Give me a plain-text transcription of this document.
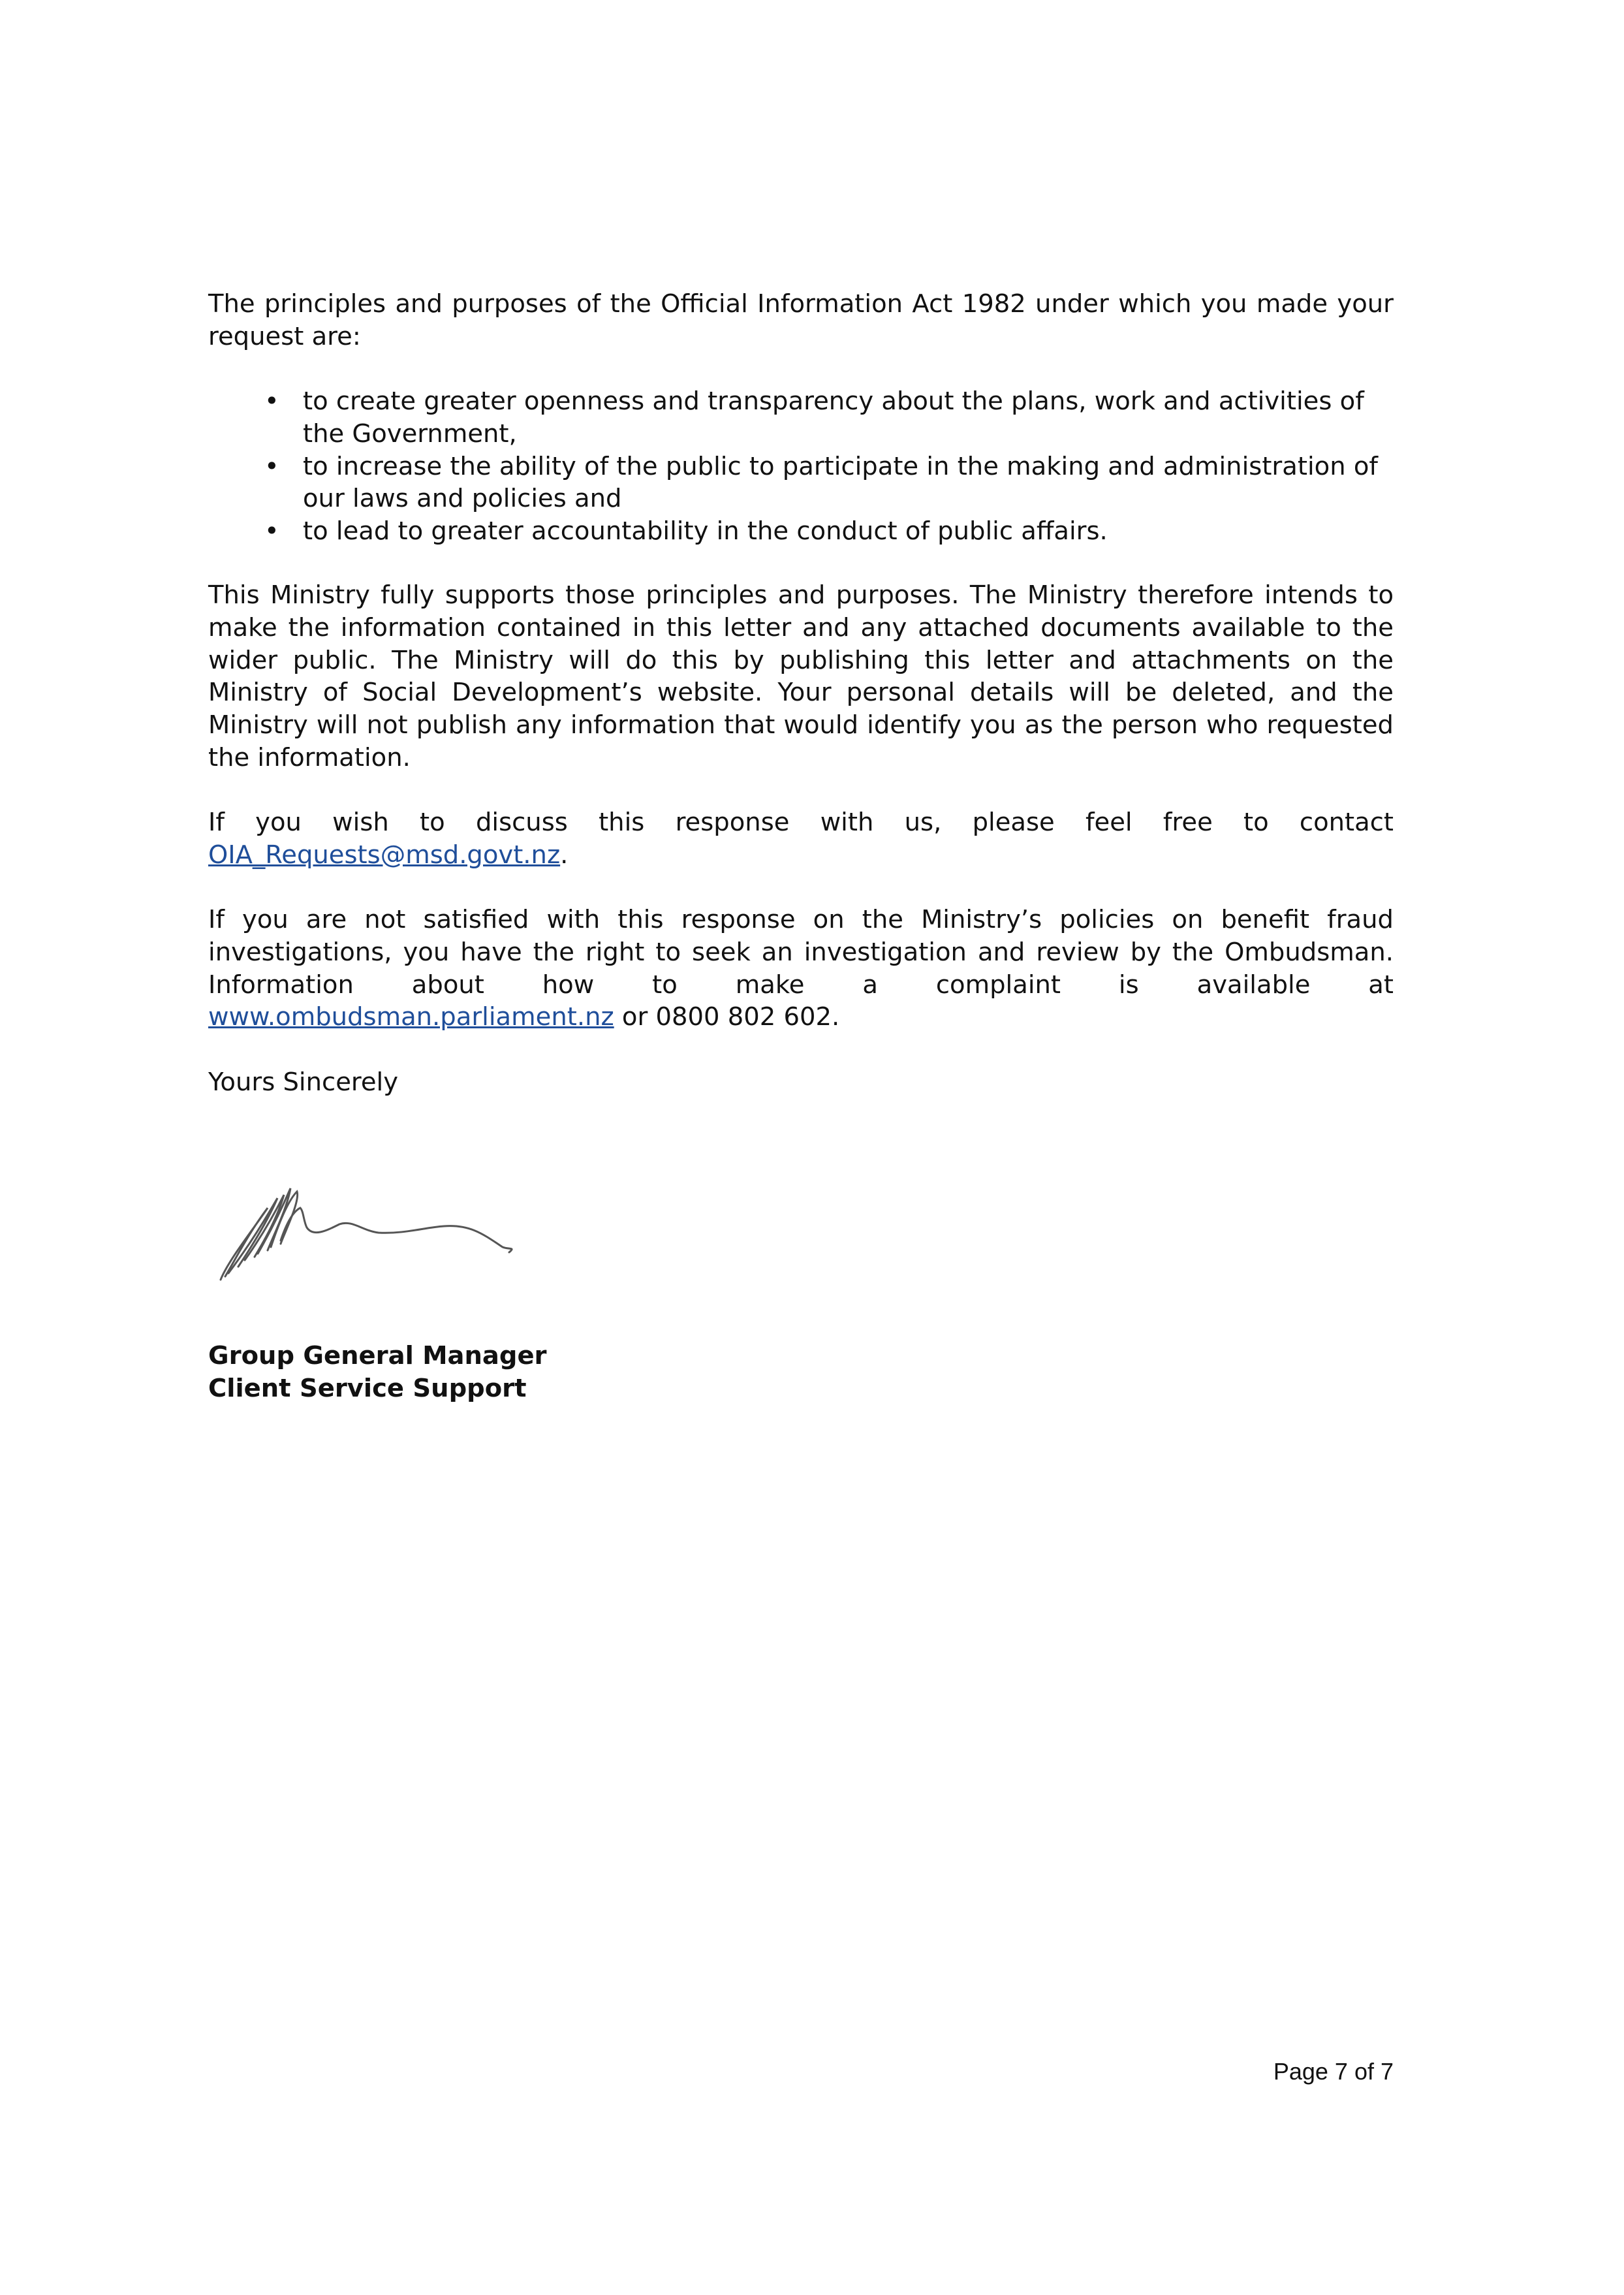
The principles and purposes of the Official Information Act 1982 under which you made your request are:

• to create greater openness and transparency about the plans, work and activities of the Government,
• to increase the ability of the public to participate in the making and administration of our laws and policies and
• to lead to greater accountability in the conduct of public affairs.

This Ministry fully supports those principles and purposes. The Ministry therefore intends to make the information contained in this letter and any attached documents available to the wider public. The Ministry will do this by publishing this letter and attachments on the Ministry of Social Development’s website. Your personal details will be deleted, and the Ministry will not publish any information that would identify you as the person who requested the information.

If you wish to discuss this response with us, please feel free to contact

OIA_Requests@msd.govt.nz.

If you are not satisfied with this response on the Ministry’s policies on benefit fraud investigations, you have the right to seek an investigation and review by the Ombudsman. Information about how to make a complaint is available at

www.ombudsman.parliament.nz or 0800 802 602.

Yours Sincerely

Group General Manager

Client Service Support

Page 7 of 7
